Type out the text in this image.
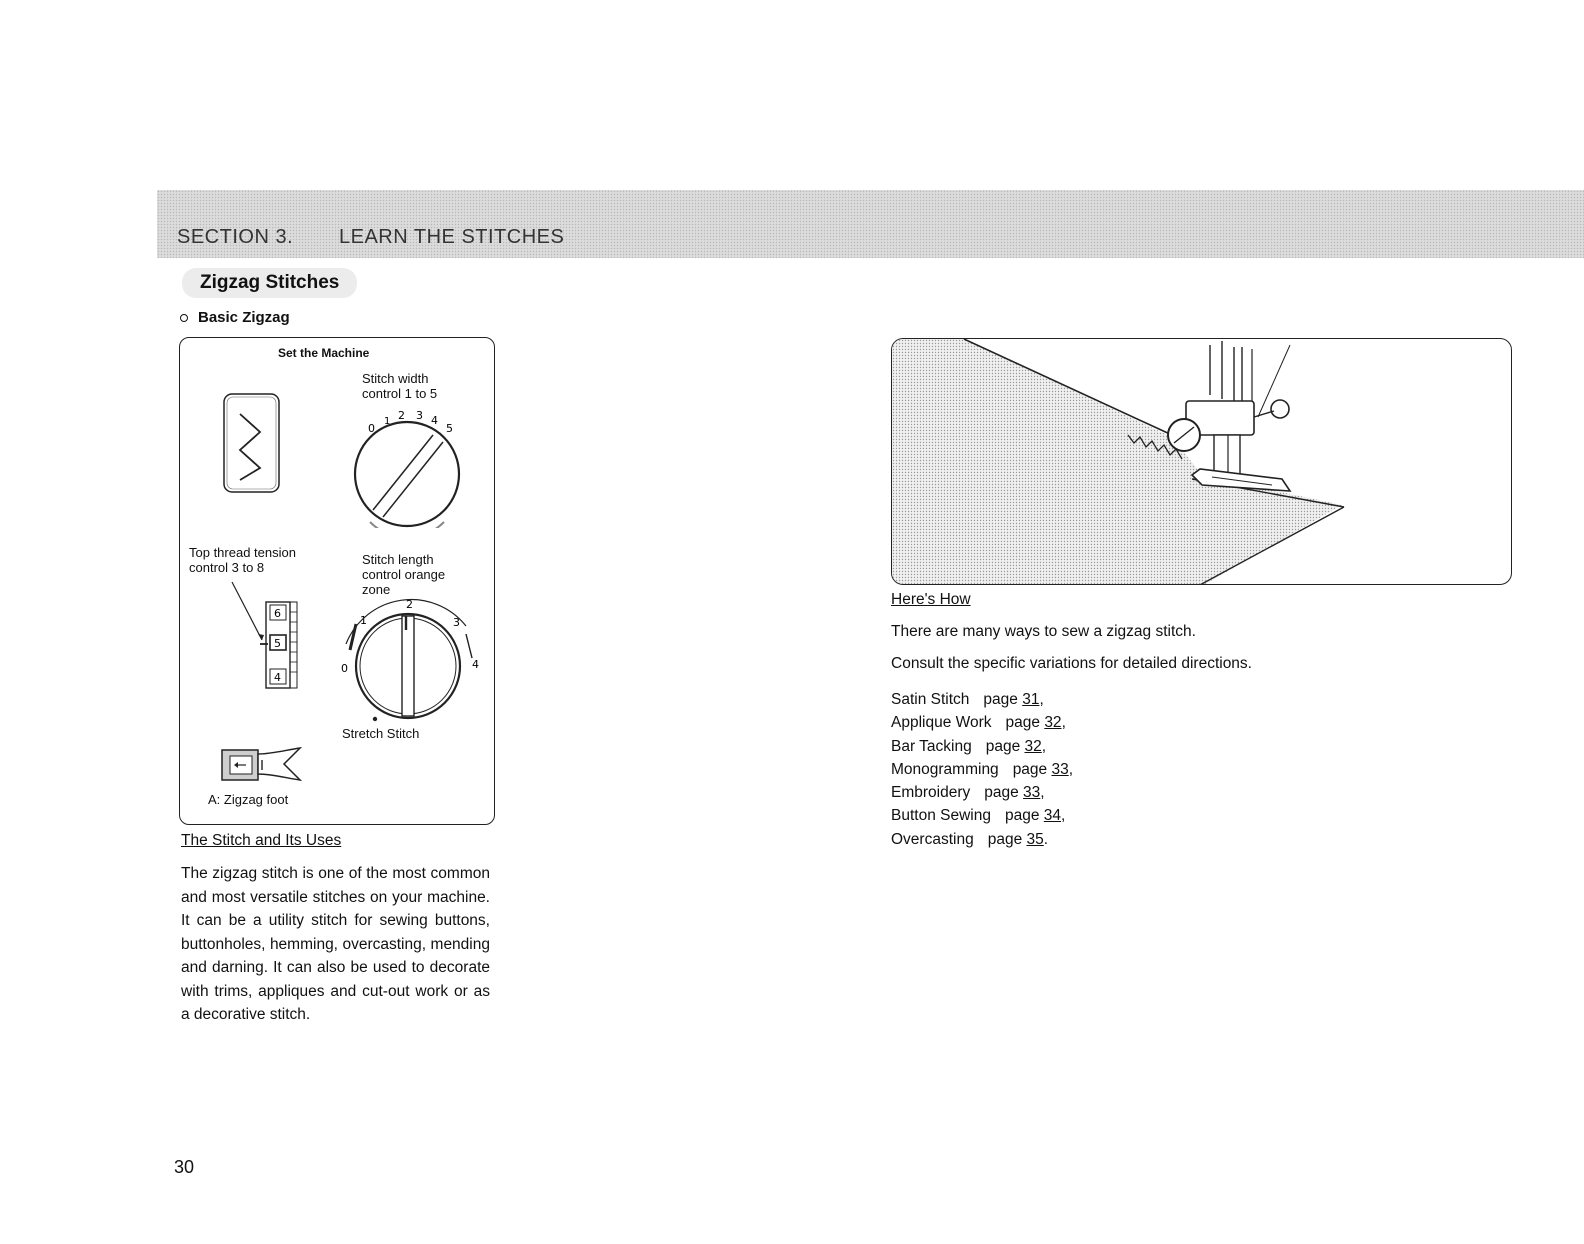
SECTION 3. LEARN THE STITCHES
Zigzag Stitches
Basic Zigzag
Set the Machine
Stitch width
control 1 to 5
0
1 2 3 4
5
Top thread tension
control 3 to 8
6
5
4
Stitch length
control orange
zone
2
1	3
0	4
Stretch Stitch
A: Zigzag foot
The Stitch and Its Uses
The zigzag stitch is one of the most common and most versatile stitches on your machine. It can be a utility stitch for sewing buttons, buttonholes, hemming, overcasting, mending and darning. It can also be used to decorate with trims, appliques and cut-out work or as a decorative stitch.
Here's How
There are many ways to sew a zigzag stitch.
Consult the specific variations for detailed directions.
Satin Stitch page 31,
Applique Work page 32,
Bar Tacking page 32,
Monogramming page 33,
Embroidery page 33,
Button Sewing page 34,
Overcasting page 35.
30
